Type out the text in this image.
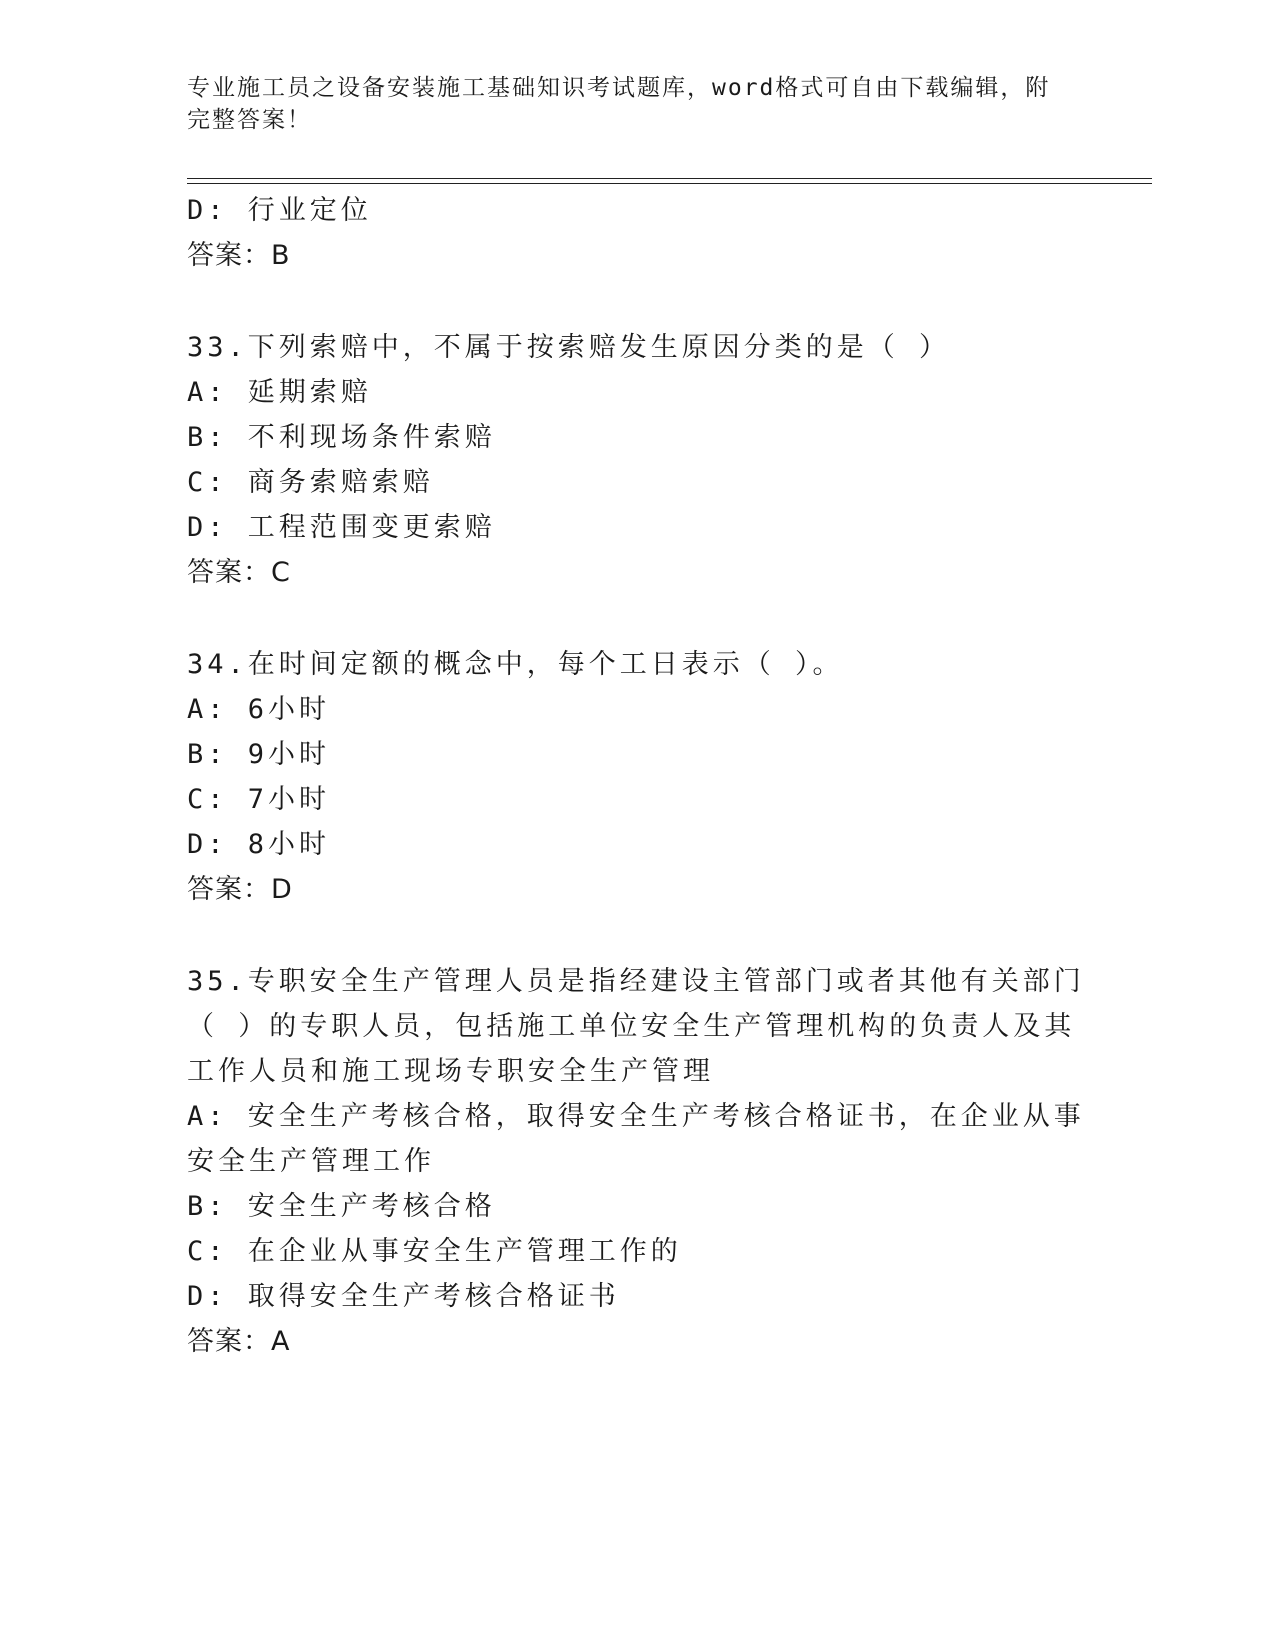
专业施工员之设备安装施工基础知识考试题库，word格式可自由下载编辑，附完整答案！
D: 行业定位
答案：B
33.下列索赔中，不属于按索赔发生原因分类的是（ ）
A: 延期索赔
B: 不利现场条件索赔
C: 商务索赔索赔
D: 工程范围变更索赔
答案：C
34.在时间定额的概念中，每个工日表示（ ）。
A: 6小时
B: 9小时
C: 7小时
D: 8小时
答案：D
35.专职安全生产管理人员是指经建设主管部门或者其他有关部门（ ）的专职人员，包括施工单位安全生产管理机构的负责人及其工作人员和施工现场专职安全生产管理
A: 安全生产考核合格，取得安全生产考核合格证书，在企业从事安全生产管理工作
B: 安全生产考核合格
C: 在企业从事安全生产管理工作的
D: 取得安全生产考核合格证书
答案：A
